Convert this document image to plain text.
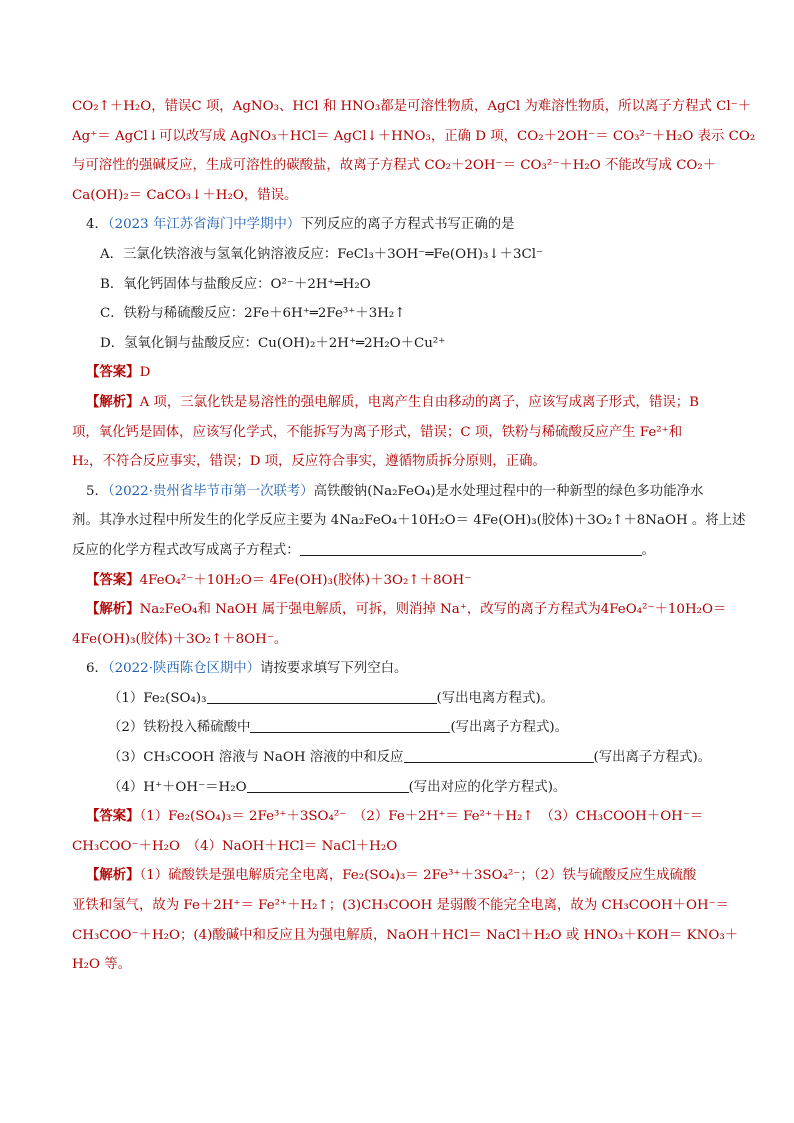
CO₂↑＋H₂O，错误C 项，AgNO₃、HCl 和 HNO₃都是可溶性物质，AgCl 为难溶性物质，所以离子方程式 Cl⁻＋
Ag⁺＝ AgCl↓可以改写成 AgNO₃＋HCl＝ AgCl↓＋HNO₃，正确 D 项，CO₂＋2OH⁻＝ CO₃²⁻＋H₂O 表示 CO₂
与可溶性的强碱反应，生成可溶性的碳酸盐，故离子方程式 CO₂＋2OH⁻＝ CO₃²⁻＋H₂O 不能改写成 CO₂＋
Ca(OH)₂＝ CaCO₃↓＋H₂O，错误。
4．（2023 年江苏省海门中学期中）下列反应的离子方程式书写正确的是
A．三氯化铁溶液与氢氧化钠溶液反应：FeCl₃＋3OH⁻═Fe(OH)₃↓＋3Cl⁻
B．氧化钙固体与盐酸反应：O²⁻＋2H⁺═H₂O
C．铁粉与稀硫酸反应：2Fe＋6H⁺═2Fe³⁺＋3H₂↑
D．氢氧化铜与盐酸反应：Cu(OH)₂＋2H⁺═2H₂O＋Cu²⁺
【答案】D
【解析】A 项，三氯化铁是易溶性的强电解质，电离产生自由移动的离子，应该写成离子形式，错误；B
项，氧化钙是固体，应该写化学式，不能拆写为离子形式，错误；C 项，铁粉与稀硫酸反应产生 Fe²⁺和
H₂，不符合反应事实，错误；D 项，反应符合事实，遵循物质拆分原则，正确。
5．（2022·贵州省毕节市第一次联考）高铁酸钠(Na₂FeO₄)是水处理过程中的一种新型的绿色多功能净水
剂。其净水过程中所发生的化学反应主要为 4Na₂FeO₄＋10H₂O＝ 4Fe(OH)₃(胶体)＋3O₂↑＋8NaOH 。将上述
反应的化学方程式改写成离子方程式：	。
【答案】4FeO₄²⁻＋10H₂O＝ 4Fe(OH)₃(胶体)＋3O₂↑＋8OH⁻
【解析】Na₂FeO₄和 NaOH 属于强电解质，可拆，则消掉 Na⁺，改写的离子方程式为4FeO₄²⁻＋10H₂O＝
4Fe(OH)₃(胶体)＋3O₂↑＋8OH⁻。
6．（2022·陕西陈仓区期中）请按要求填写下列空白。
（1）Fe₂(SO₄)₃	(写出电离方程式)。
（2）铁粉投入稀硫酸中	(写出离子方程式)。
（3）CH₃COOH 溶液与 NaOH 溶液的中和反应	(写出离子方程式)。
（4）H⁺＋OH⁻＝H₂O	(写出对应的化学方程式)。
【答案】（1）Fe₂(SO₄)₃＝ 2Fe³⁺＋3SO₄²⁻　（2）Fe＋2H⁺＝ Fe²⁺＋H₂↑　（3）CH₃COOH＋OH⁻＝
CH₃COO⁻＋H₂O　（4）NaOH＋HCl＝ NaCl＋H₂O
【解析】（1）硫酸铁是强电解质完全电离，Fe₂(SO₄)₃＝ 2Fe³⁺＋3SO₄²⁻；（2）铁与硫酸反应生成硫酸
亚铁和氢气，故为 Fe＋2H⁺＝ Fe²⁺＋H₂↑；(3)CH₃COOH 是弱酸不能完全电离，故为 CH₃COOH＋OH⁻＝
CH₃COO⁻＋H₂O；(4)酸碱中和反应且为强电解质，NaOH＋HCl＝ NaCl＋H₂O 或 HNO₃＋KOH＝ KNO₃＋
H₂O 等。
